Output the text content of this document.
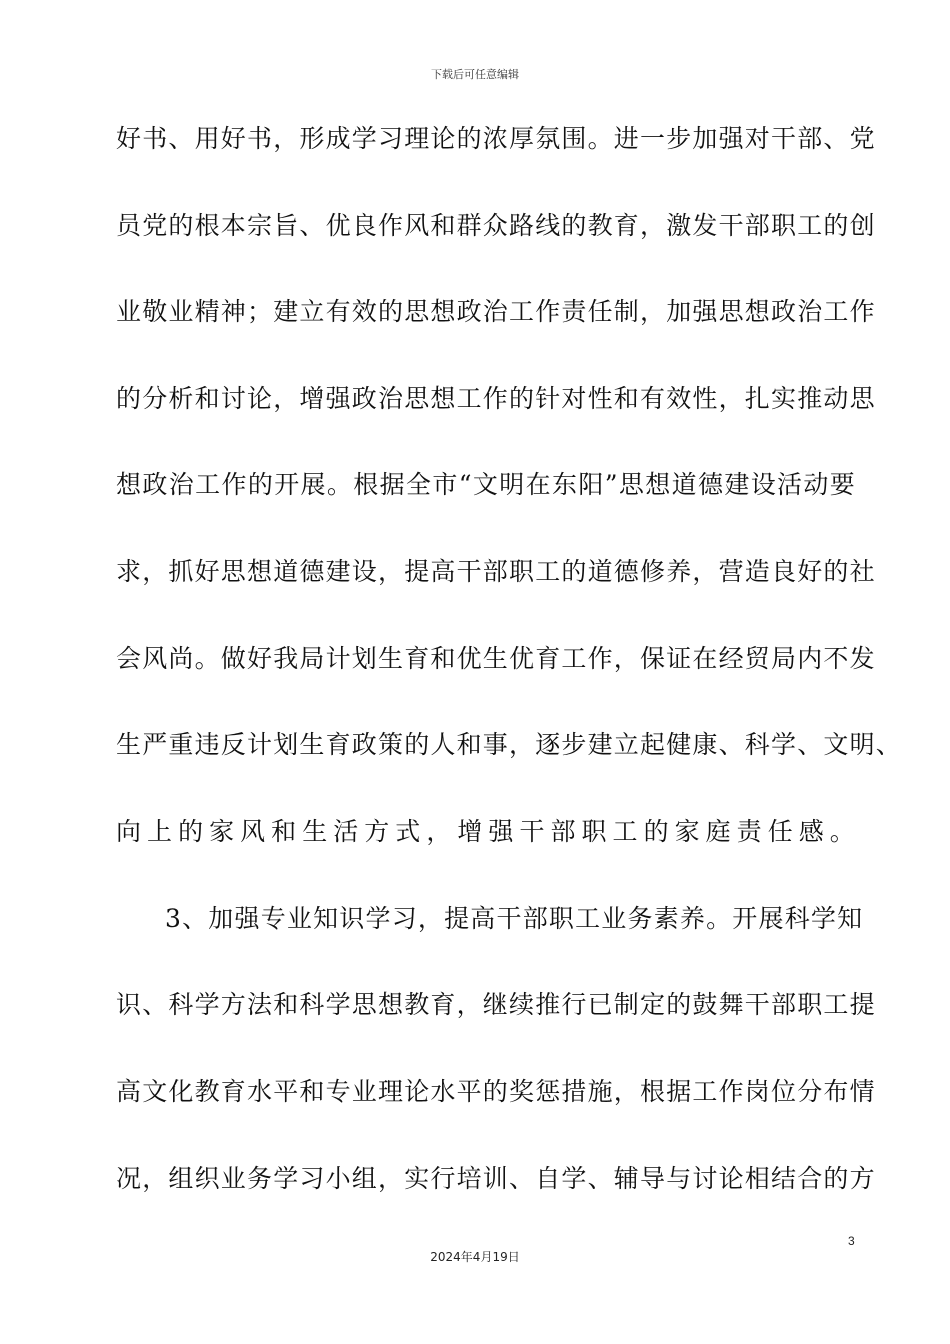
下载后可任意编辑
好书、用好书，形成学习理论的浓厚氛围。进一步加强对干部、党
员党的根本宗旨、优良作风和群众路线的教育，激发干部职工的创
业敬业精神；建立有效的思想政治工作责任制，加强思想政治工作
的分析和讨论，增强政治思想工作的针对性和有效性，扎实推动思
想政治工作的开展。根据全市“文明在东阳”思想道德建设活动要
求，抓好思想道德建设，提高干部职工的道德修养，营造良好的社
会风尚。做好我局计划生育和优生优育工作，保证在经贸局内不发
生严重违反计划生育政策的人和事，逐步建立起健康、科学、文明、
向上的家风和生活方式，增强干部职工的家庭责任感。
3、加强专业知识学习，提高干部职工业务素养。开展科学知
识、科学方法和科学思想教育，继续推行已制定的鼓舞干部职工提
高文化教育水平和专业理论水平的奖惩措施，根据工作岗位分布情
况，组织业务学习小组，实行培训、自学、辅导与讨论相结合的方
3
2024年4月19日
